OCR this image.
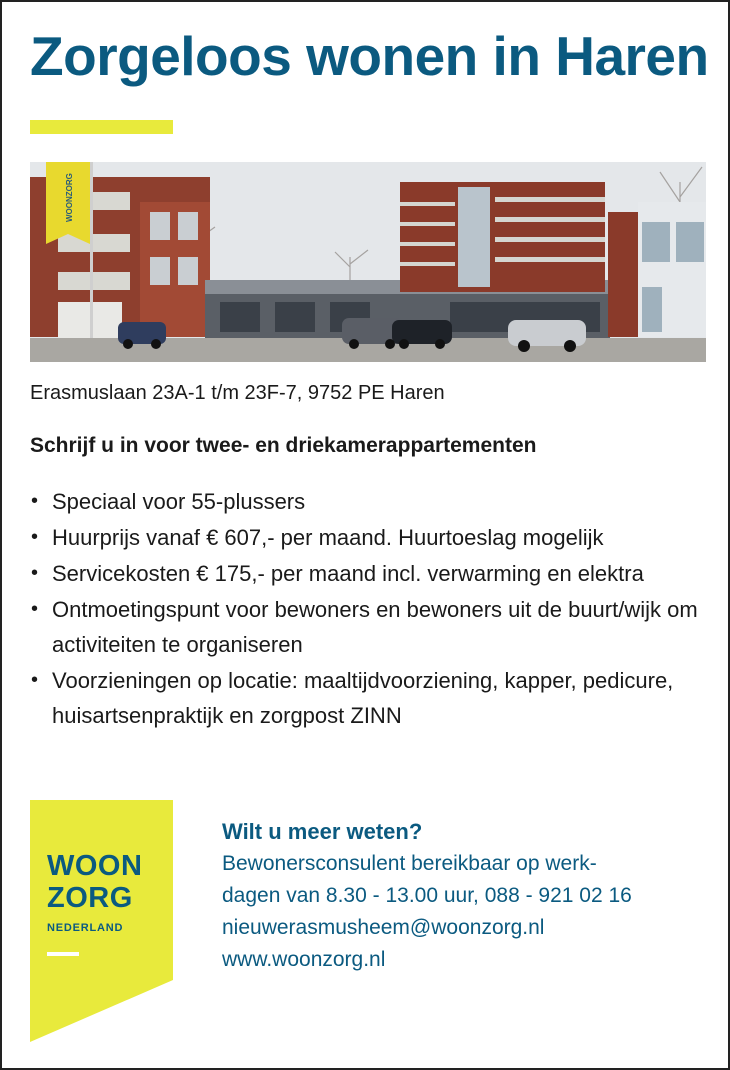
Zorgeloos wonen in Haren
WOONZORG
Erasmuslaan 23A-1 t/m 23F-7, 9752 PE Haren
Schrijf u in voor twee- en driekamerappartementen
• Speciaal voor 55-plussers
• Huurprijs vanaf € 607,- per maand. Huurtoeslag mogelijk
• Servicekosten € 175,- per maand incl. verwarming en elektra
• Ontmoetingspunt voor bewoners en bewoners uit de buurt/wijk om activiteiten te organiseren
• Voorzieningen op locatie: maaltijdvoorziening, kapper, pedicure, huisartsenpraktijk en zorgpost ZINN
WOON
ZORG
NEDERLAND
Wilt u meer weten?
Bewonersconsulent bereikbaar op werk-
dagen van 8.30 - 13.00 uur, 088 - 921 02 16
nieuwerasmusheem@woonzorg.nl
www.woonzorg.nl
